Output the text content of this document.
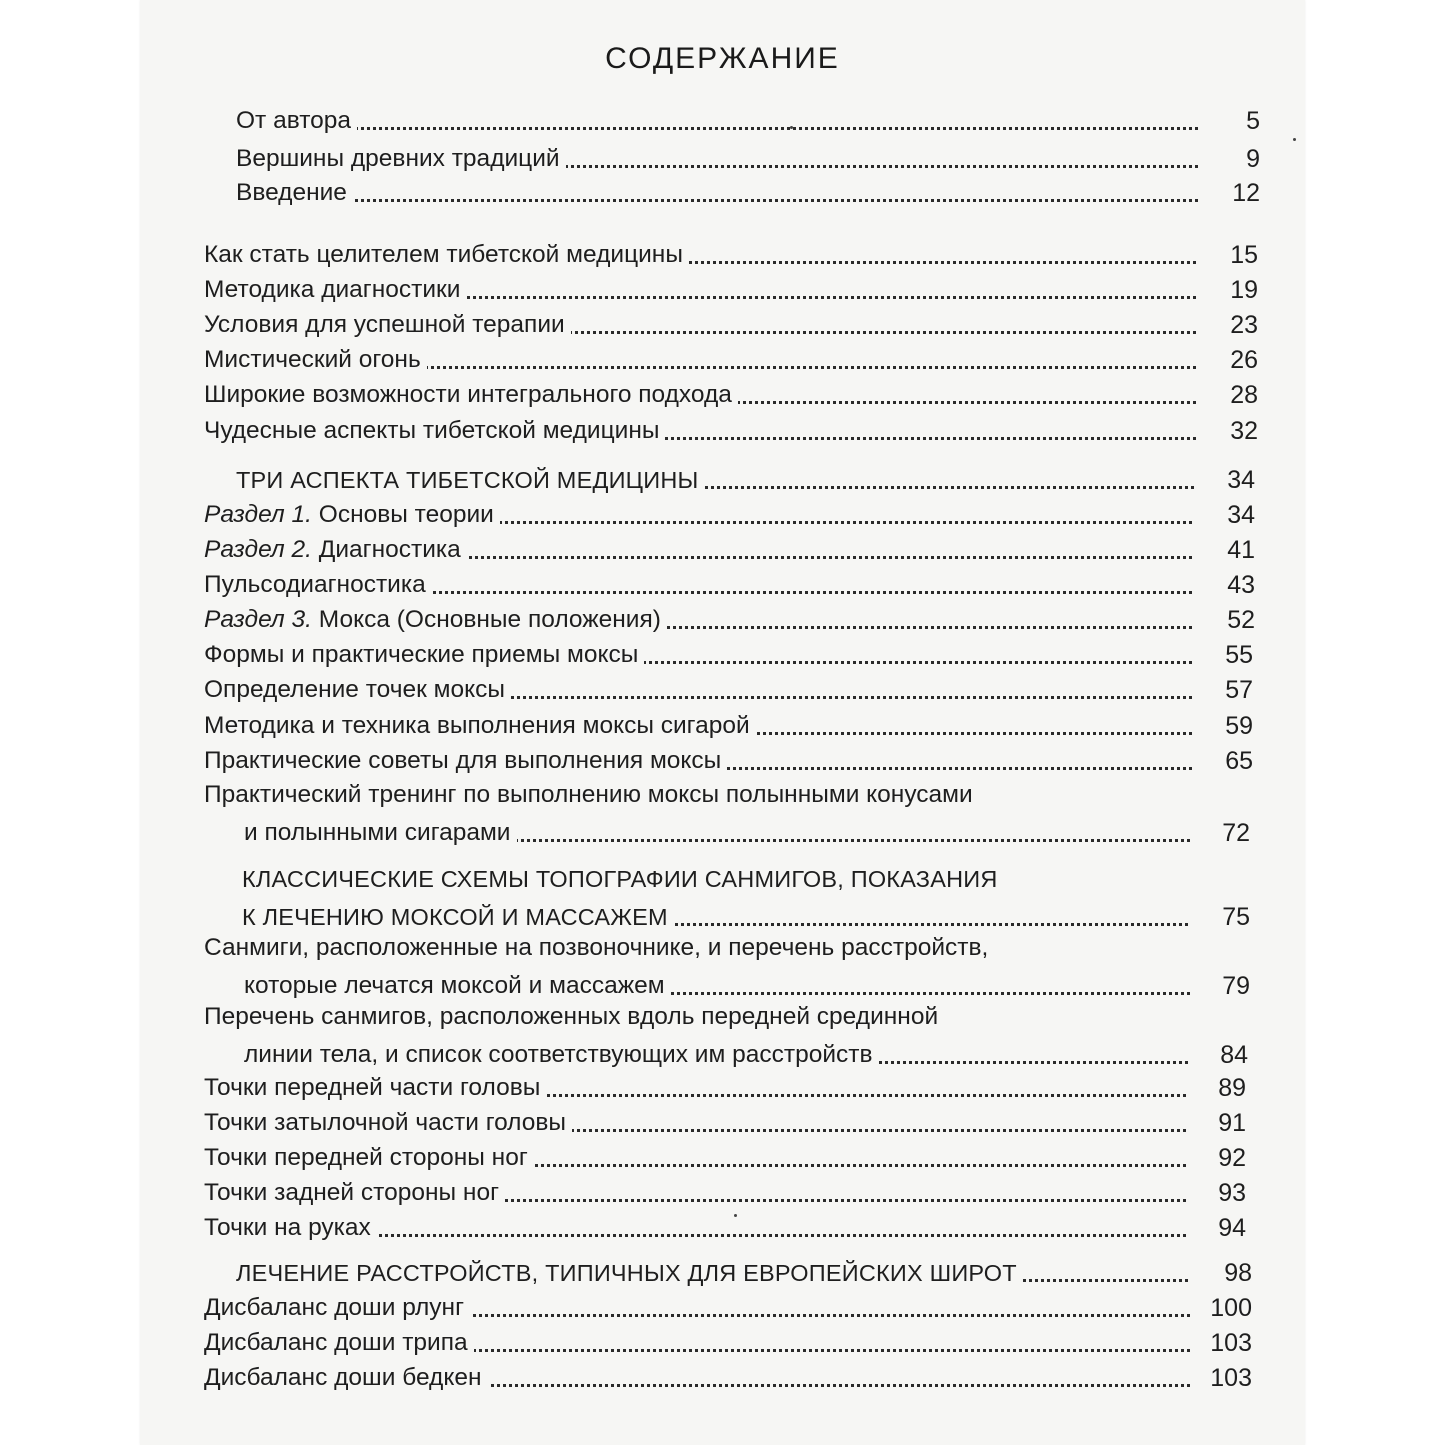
СОДЕРЖАНИЕ
От автора	5
Вершины древних традиций	9
Введение	12
Как стать целителем тибетской медицины	15
Методика диагностики	19
Условия для успешной терапии	23
Мистический огонь	26
Широкие возможности интегрального подхода	28
Чудесные аспекты тибетской медицины	32
ТРИ АСПЕКТА ТИБЕТСКОЙ МЕДИЦИНЫ	34
Раздел 1. Основы теории	34
Раздел 2. Диагностика	41
Пульсодиагностика	43
Раздел 3. Мокса (Основные положения)	52
Формы и практические приемы моксы	55
Определение точек моксы	57
Методика и техника выполнения моксы сигарой	59
Практические советы для выполнения моксы	65
Практический тренинг по выполнению моксы полынными конусами
и полынными сигарами	72
КЛАССИЧЕСКИЕ СХЕМЫ ТОПОГРАФИИ САНМИГОВ, ПОКАЗАНИЯ
К ЛЕЧЕНИЮ МОКСОЙ И МАССАЖЕМ	75
Санмиги, расположенные на позвоночнике, и перечень расстройств,
которые лечатся моксой и массажем	79
Перечень санмигов, расположенных вдоль передней срединной
линии тела, и список соответствующих им расстройств	84
Точки передней части головы	89
Точки затылочной части головы	91
Точки передней стороны ног	92
Точки задней стороны ног	93
Точки на руках	94
ЛЕЧЕНИЕ РАССТРОЙСТВ, ТИПИЧНЫХ ДЛЯ ЕВРОПЕЙСКИХ ШИРОТ	98
Дисбаланс доши рлунг	100
Дисбаланс доши трипа	103
Дисбаланс доши бедкен	103
